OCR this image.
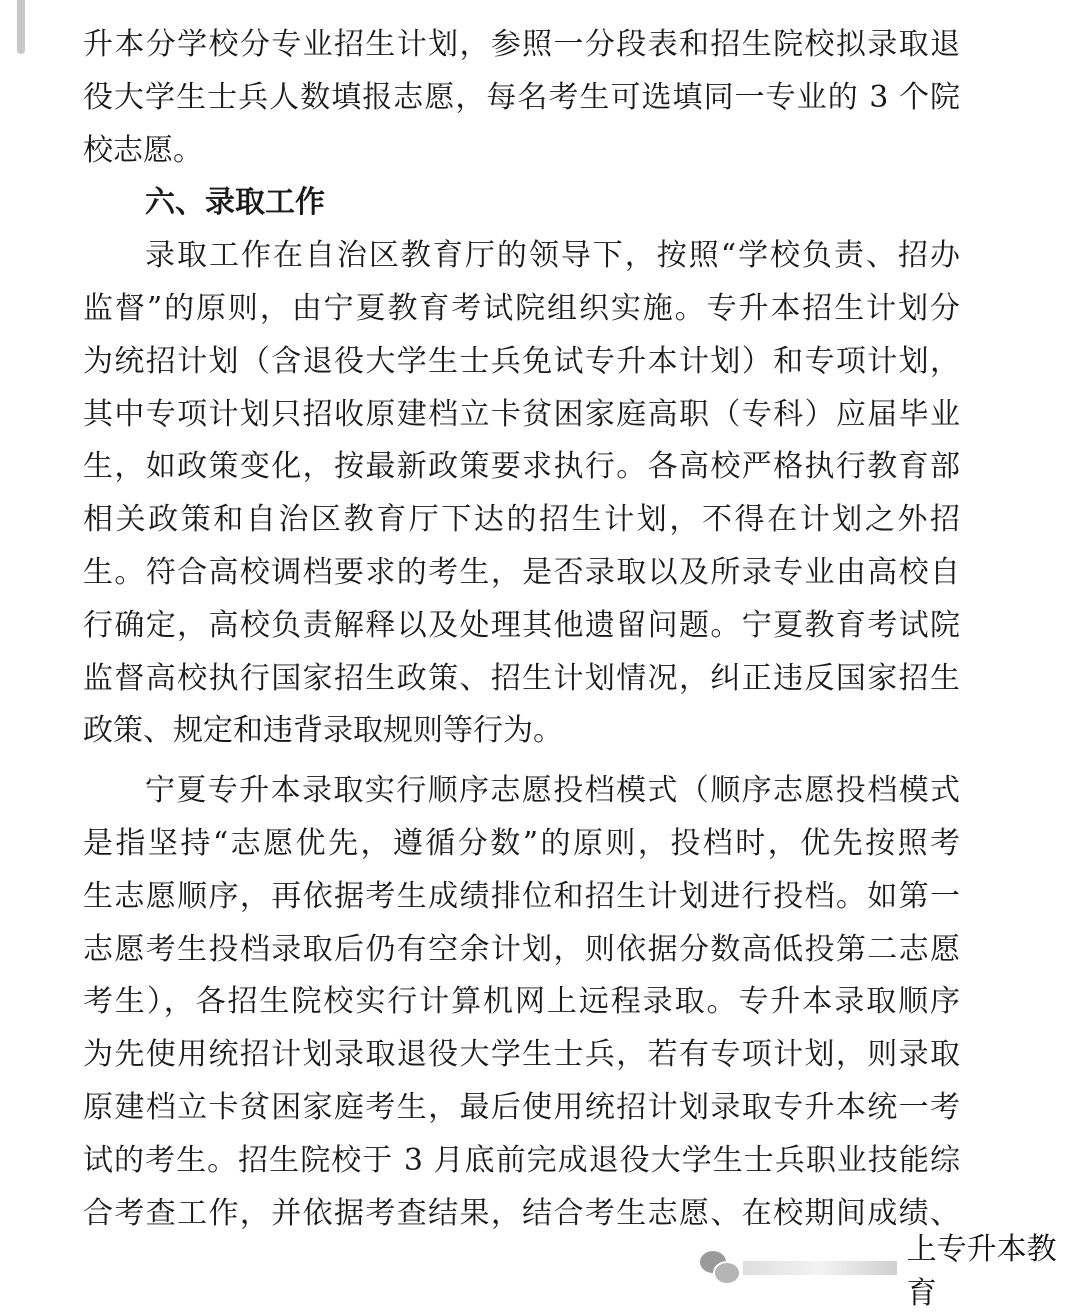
升本分学校分专业招生计划，参照一分段表和招生院校拟录取退
役大学生士兵人数填报志愿，每名考生可选填同一专业的 3 个院
校志愿。
六、录取工作
录取工作在自治区教育厅的领导下，按照“学校负责、招办
监督”的原则，由宁夏教育考试院组织实施。专升本招生计划分
为统招计划（含退役大学生士兵免试专升本计划）和专项计划，
其中专项计划只招收原建档立卡贫困家庭高职（专科）应届毕业
生，如政策变化，按最新政策要求执行。各高校严格执行教育部
相关政策和自治区教育厅下达的招生计划，不得在计划之外招
生。符合高校调档要求的考生，是否录取以及所录专业由高校自
行确定，高校负责解释以及处理其他遗留问题。宁夏教育考试院
监督高校执行国家招生政策、招生计划情况，纠正违反国家招生
政策、规定和违背录取规则等行为。
宁夏专升本录取实行顺序志愿投档模式（顺序志愿投档模式
是指坚持“志愿优先，遵循分数”的原则，投档时，优先按照考
生志愿顺序，再依据考生成绩排位和招生计划进行投档。如第一
志愿考生投档录取后仍有空余计划，则依据分数高低投第二志愿
考生），各招生院校实行计算机网上远程录取。专升本录取顺序
为先使用统招计划录取退役大学生士兵，若有专项计划，则录取
原建档立卡贫困家庭考生，最后使用统招计划录取专升本统一考
试的考生。招生院校于 3 月底前完成退役大学生士兵职业技能综
合考查工作，并依据考查结果，结合考生志愿、在校期间成绩、
上专升本教育
